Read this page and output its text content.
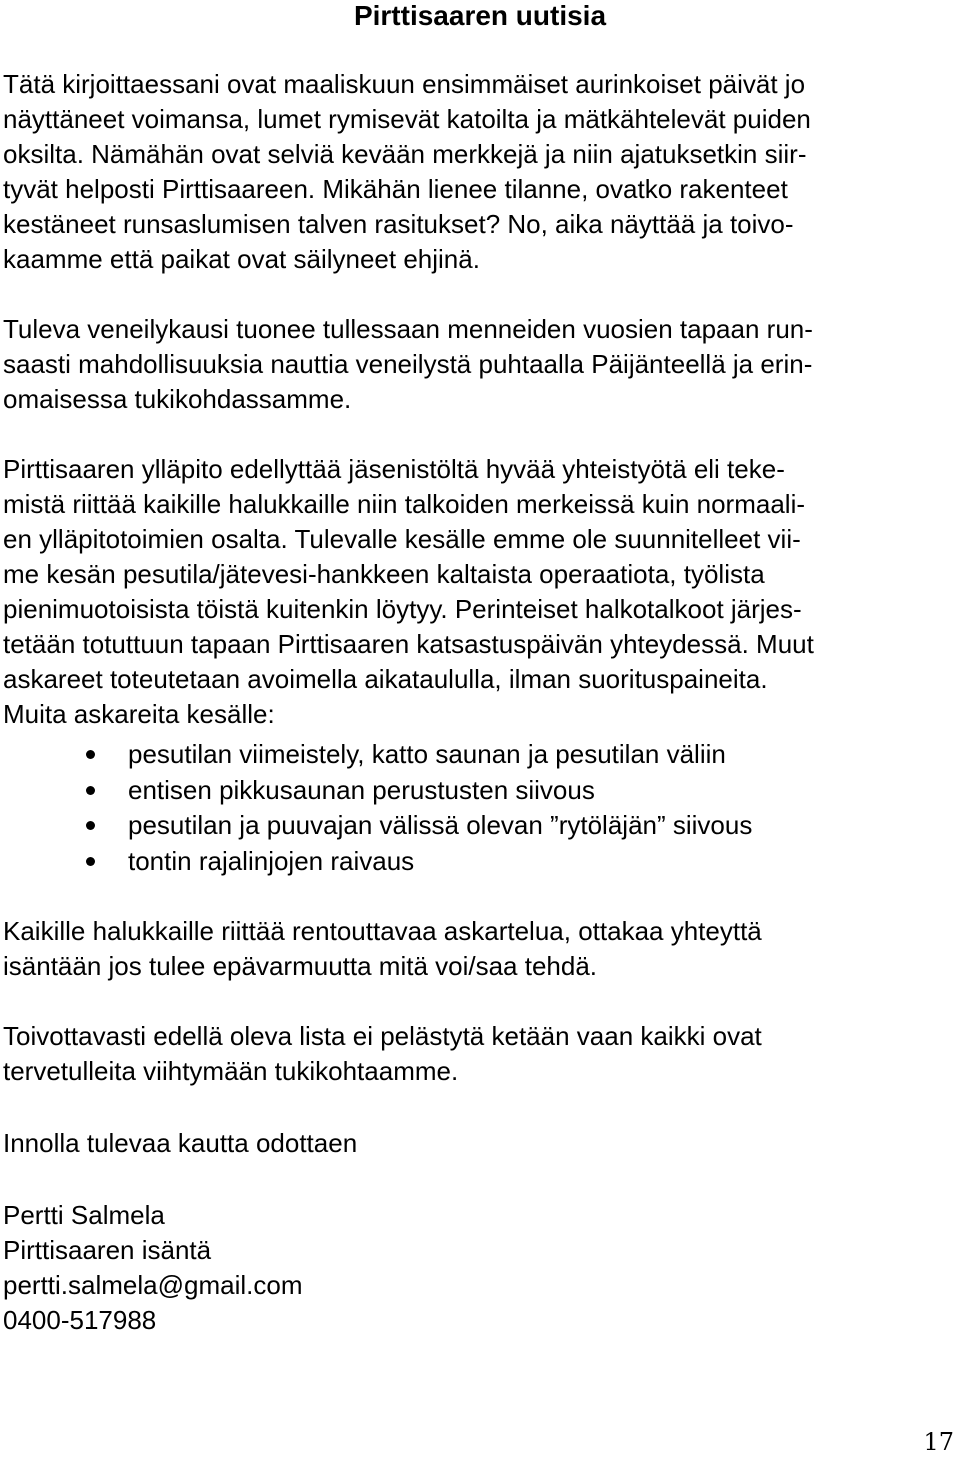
Pirttisaaren uutisia
Tätä kirjoittaessani ovat maaliskuun ensimmäiset aurinkoiset päivät jo
näyttäneet voimansa, lumet rymisevät katoilta ja mätkähtelevät puiden
oksilta. Nämähän ovat selviä kevään merkkejä ja niin ajatuksetkin siir-
tyvät helposti Pirttisaareen. Mikähän lienee tilanne, ovatko rakenteet
kestäneet runsaslumisen talven rasitukset? No, aika näyttää ja toivo-
kaamme että paikat ovat säilyneet ehjinä.
Tuleva veneilykausi tuonee tullessaan menneiden vuosien tapaan run-
saasti mahdollisuuksia nauttia veneilystä puhtaalla Päijänteellä ja erin-
omaisessa tukikohdassamme.
Pirttisaaren ylläpito edellyttää jäsenistöltä hyvää yhteistyötä eli teke-
mistä riittää kaikille halukkaille niin talkoiden merkeissä kuin normaali-
en ylläpitotoimien osalta. Tulevalle kesälle emme ole suunnitelleet vii-
me kesän pesutila/jätevesi-hankkeen kaltaista operaatiota, työlista
pienimuotoisista töistä kuitenkin löytyy. Perinteiset halkotalkoot järjes-
tetään totuttuun tapaan Pirttisaaren katsastuspäivän yhteydessä. Muut
askareet toteutetaan avoimella aikataululla, ilman suorituspaineita.
Muita askareita kesälle:
pesutilan viimeistely, katto saunan ja pesutilan väliin
entisen pikkusaunan perustusten siivous
pesutilan ja puuvajan välissä olevan ”rytöläjän” siivous
tontin rajalinjojen raivaus
Kaikille halukkaille riittää rentouttavaa askartelua, ottakaa yhteyttä
isäntään jos tulee epävarmuutta mitä voi/saa tehdä.
Toivottavasti edellä oleva lista ei pelästytä ketään vaan kaikki ovat
tervetulleita viihtymään tukikohtaamme.
Innolla tulevaa kautta odottaen
Pertti Salmela
Pirttisaaren isäntä
pertti.salmela@gmail.com
0400-517988
17
